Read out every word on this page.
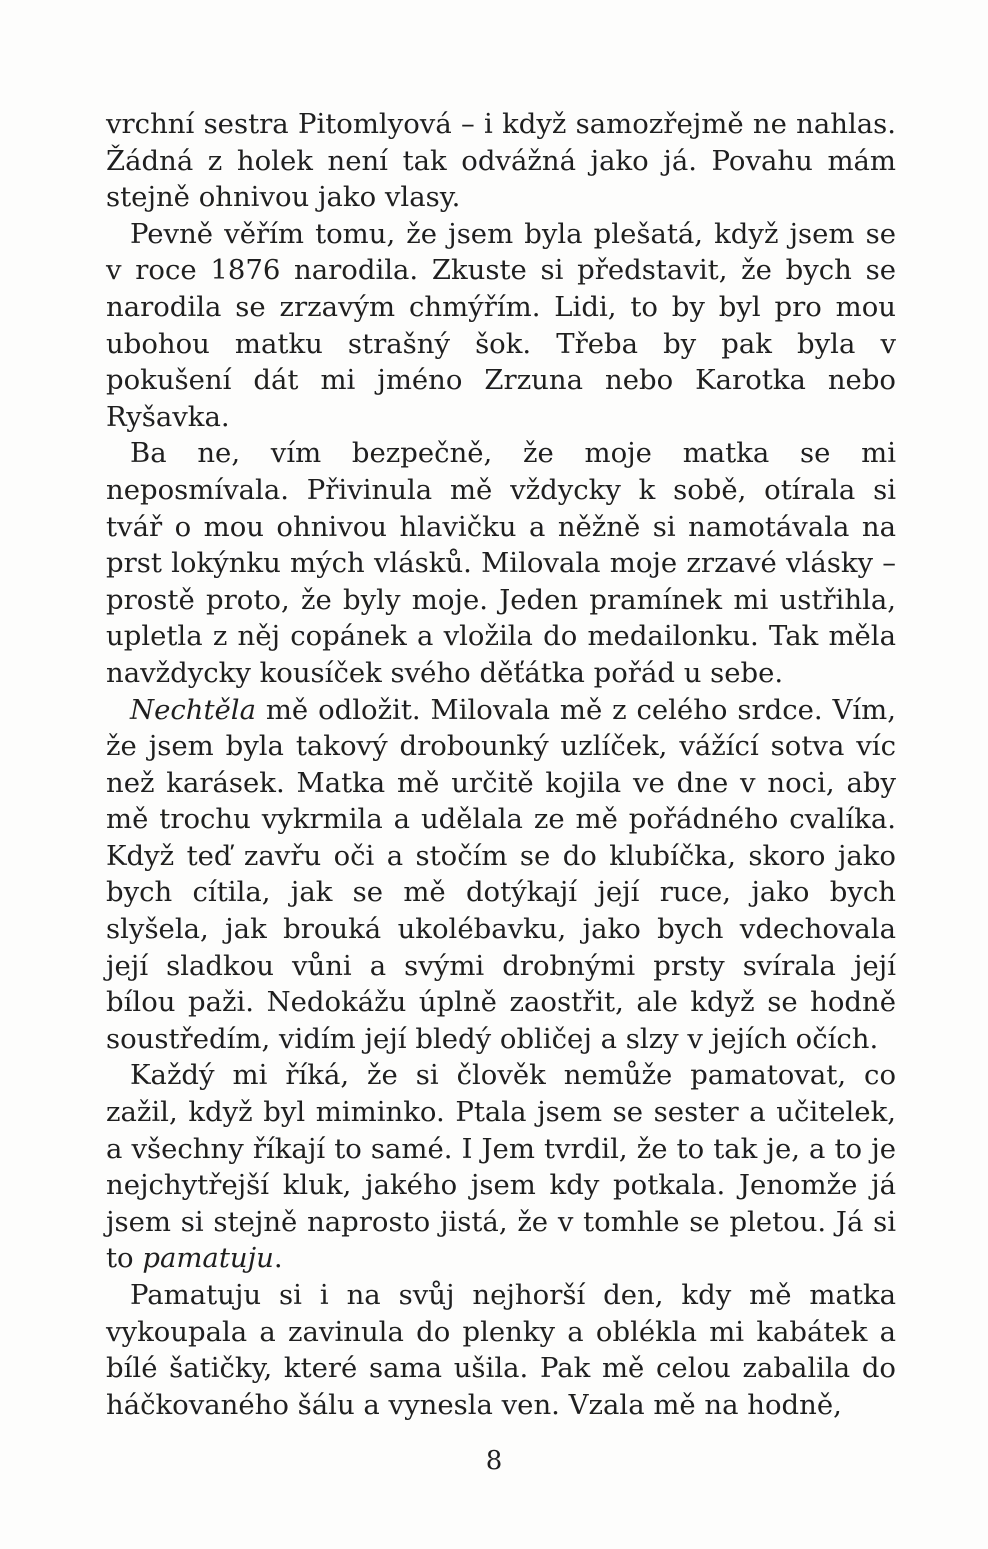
vrchní sestra Pitomlyová – i když samozřejmě ne nahlas. Žádná z holek není tak odvážná jako já. Povahu mám stejně ohnivou jako vlasy.

Pevně věřím tomu, že jsem byla plešatá, když jsem se v roce 1876 narodila. Zkuste si představit, že bych se narodila se zrzavým chmýřím. Lidi, to by byl pro mou ubohou matku strašný šok. Třeba by pak byla v pokušení dát mi jméno Zrzuna nebo Karotka nebo Ryšavka.

Ba ne, vím bezpečně, že moje matka se mi neposmívala. Přivinula mě vždycky k sobě, otírala si tvář o mou ohnivou hlavičku a něžně si namotávala na prst lokýnku mých vlásků. Milovala moje zrzavé vlásky – prostě proto, že byly moje. Jeden pramínek mi ustřihla, upletla z něj copánek a vložila do medailonku. Tak měla navždycky kousíček svého děťátka pořád u sebe.

Nechtěla mě odložit. Milovala mě z celého srdce. Vím, že jsem byla takový drobounký uzlíček, vážící sotva víc než karásek. Matka mě určitě kojila ve dne v noci, aby mě trochu vykrmila a udělala ze mě pořádného cvalíka. Když teď zavřu oči a stočím se do klubíčka, skoro jako bych cítila, jak se mě dotýkají její ruce, jako bych slyšela, jak brouká ukolébavku, jako bych vdechovala její sladkou vůni a svými drobnými prsty svírala její bílou paži. Nedokážu úplně zaostřit, ale když se hodně soustředím, vidím její bledý obličej a slzy v jejích očích.

Každý mi říká, že si člověk nemůže pamatovat, co zažil, když byl miminko. Ptala jsem se sester a učitelek, a všechny říkají to samé. I Jem tvrdil, že to tak je, a to je nejchytřejší kluk, jakého jsem kdy potkala. Jenomže já jsem si stejně naprosto jistá, že v tomhle se pletou. Já si to pamatuju.

Pamatuju si i na svůj nejhorší den, kdy mě matka vykoupala a zavinula do plenky a oblékla mi kabátek a bílé šatičky, které sama ušila. Pak mě celou zabalila do háčkovaného šálu a vynesla ven. Vzala mě na hodně,

8
